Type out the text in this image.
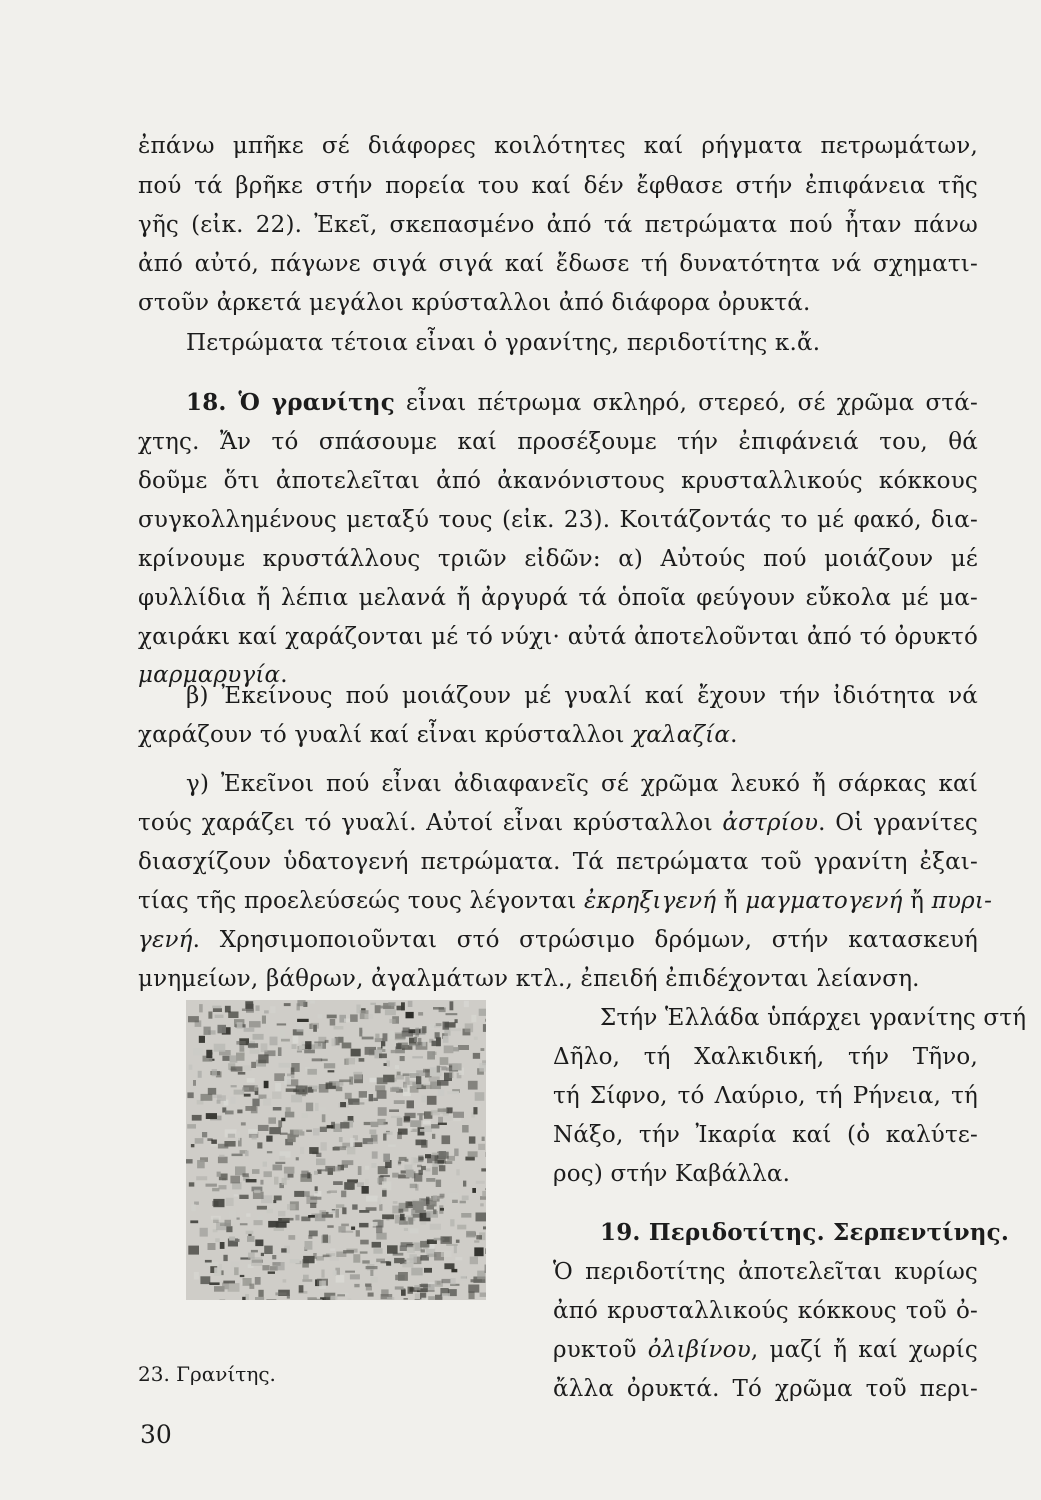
ἐπάνω μπῆκε σέ διάφορες κοιλότητες καί ρήγματα πετρωμάτων,
πού τά βρῆκε στήν πορεία του καί δέν ἔφθασε στήν ἐπιφάνεια τῆς
γῆς (εἰκ. 22). Ἐκεῖ, σκεπασμένο ἀπό τά πετρώματα πού ἦταν πάνω
ἀπό αὐτό, πάγωνε σιγά σιγά καί ἔδωσε τή δυνατότητα νά σχηματι-
στοῦν ἀρκετά μεγάλοι κρύσταλλοι ἀπό διάφορα ὀρυκτά.
Πετρώματα τέτοια εἶναι ὁ γρανίτης, περιδοτίτης κ.ἄ.
18. Ὁ γρανίτης εἶναι πέτρωμα σκληρό, στερεό, σέ χρῶμα στά-
χτης. Ἄν τό σπάσουμε καί προσέξουμε τήν ἐπιφάνειά του, θά
δοῦμε ὅτι ἀποτελεῖται ἀπό ἀκανόνιστους κρυσταλλικούς κόκκους
συγκολλημένους μεταξύ τους (εἰκ. 23). Κοιτάζοντάς το μέ φακό, δια-
κρίνουμε κρυστάλλους τριῶν εἰδῶν: α) Αὐτούς πού μοιάζουν μέ
φυλλίδια ἤ λέπια μελανά ἤ ἀργυρά τά ὁποῖα φεύγουν εὔκολα μέ μα-
χαιράκι καί χαράζονται μέ τό νύχι· αὐτά ἀποτελοῦνται ἀπό τό ὀρυκτό
μαρμαρυγία.
β) Ἐκείνους πού μοιάζουν μέ γυαλί καί ἔχουν τήν ἰδιότητα νά
χαράζουν τό γυαλί καί εἶναι κρύσταλλοι χαλαζία.
γ) Ἐκεῖνοι πού εἶναι ἀδιαφανεῖς σέ χρῶμα λευκό ἤ σάρκας καί
τούς χαράζει τό γυαλί. Αὐτοί εἶναι κρύσταλλοι ἀστρίου. Οἱ γρανίτες
διασχίζουν ὑδατογενή πετρώματα. Τά πετρώματα τοῦ γρανίτη ἐξαι-
τίας τῆς προελεύσεώς τους λέγονται ἐκρηξιγενή ἤ μαγματογενή ἤ πυρι-
γενή. Χρησιμοποιοῦνται στό στρώσιμο δρόμων, στήν κατασκευή
μνημείων, βάθρων, ἀγαλμάτων κτλ., ἐπειδή ἐπιδέχονται λείανση.
Στήν Ἑλλάδα ὑπάρχει γρανίτης στή
Δῆλο, τή Χαλκιδική, τήν Τῆνο,
τή Σίφνο, τό Λαύριο, τή Ρήνεια, τή
Νάξο, τήν Ἰκαρία καί (ὁ καλύτε-
ρος) στήν Καβάλλα.
19. Περιδοτίτης. Σερπεντίνης.
Ὁ περιδοτίτης ἀποτελεῖται κυρίως
ἀπό κρυσταλλικούς κόκκους τοῦ ὀ-
ρυκτοῦ ὀλιβίνου, μαζί ἤ καί χωρίς
ἄλλα ὀρυκτά. Τό χρῶμα τοῦ περι-
23. Γρανίτης.
30
